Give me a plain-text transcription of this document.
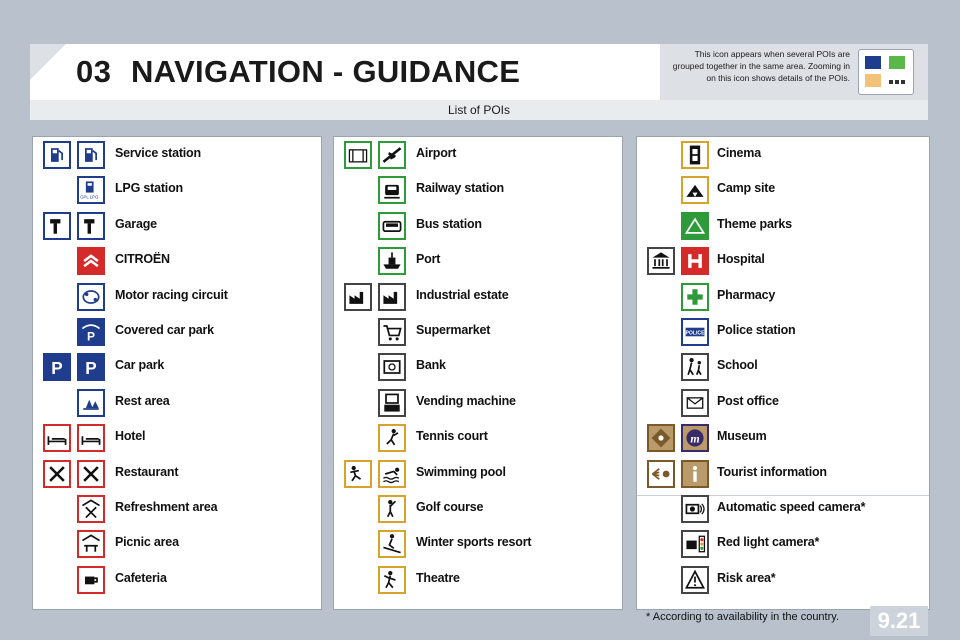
03 NAVIGATION - GUIDANCE	This icon appears when several POIs are grouped together in the same area. Zooming in on this icon shows details of the POIs.
List of POIs
Service station
GPL LPG
LPG station
Garage
CITROËN
Motor racing circuit
P Covered car park
P P Car park
Rest area
Hotel
Restaurant
Refreshment area
Picnic area
Cafeteria
Airport
Railway station
Bus station
Port
Industrial estate
Supermarket
Bank
Vending machine
Tennis court
Swimming pool
Golf course
Winter sports resort
Theatre
Cinema
Camp site
Theme parks
Hospital
Pharmacy
POLICE Police station
School
Post office
m Museum
Tourist information
Automatic speed camera*
Red light camera*
Risk area*
* According to availability in the country.	9.21
